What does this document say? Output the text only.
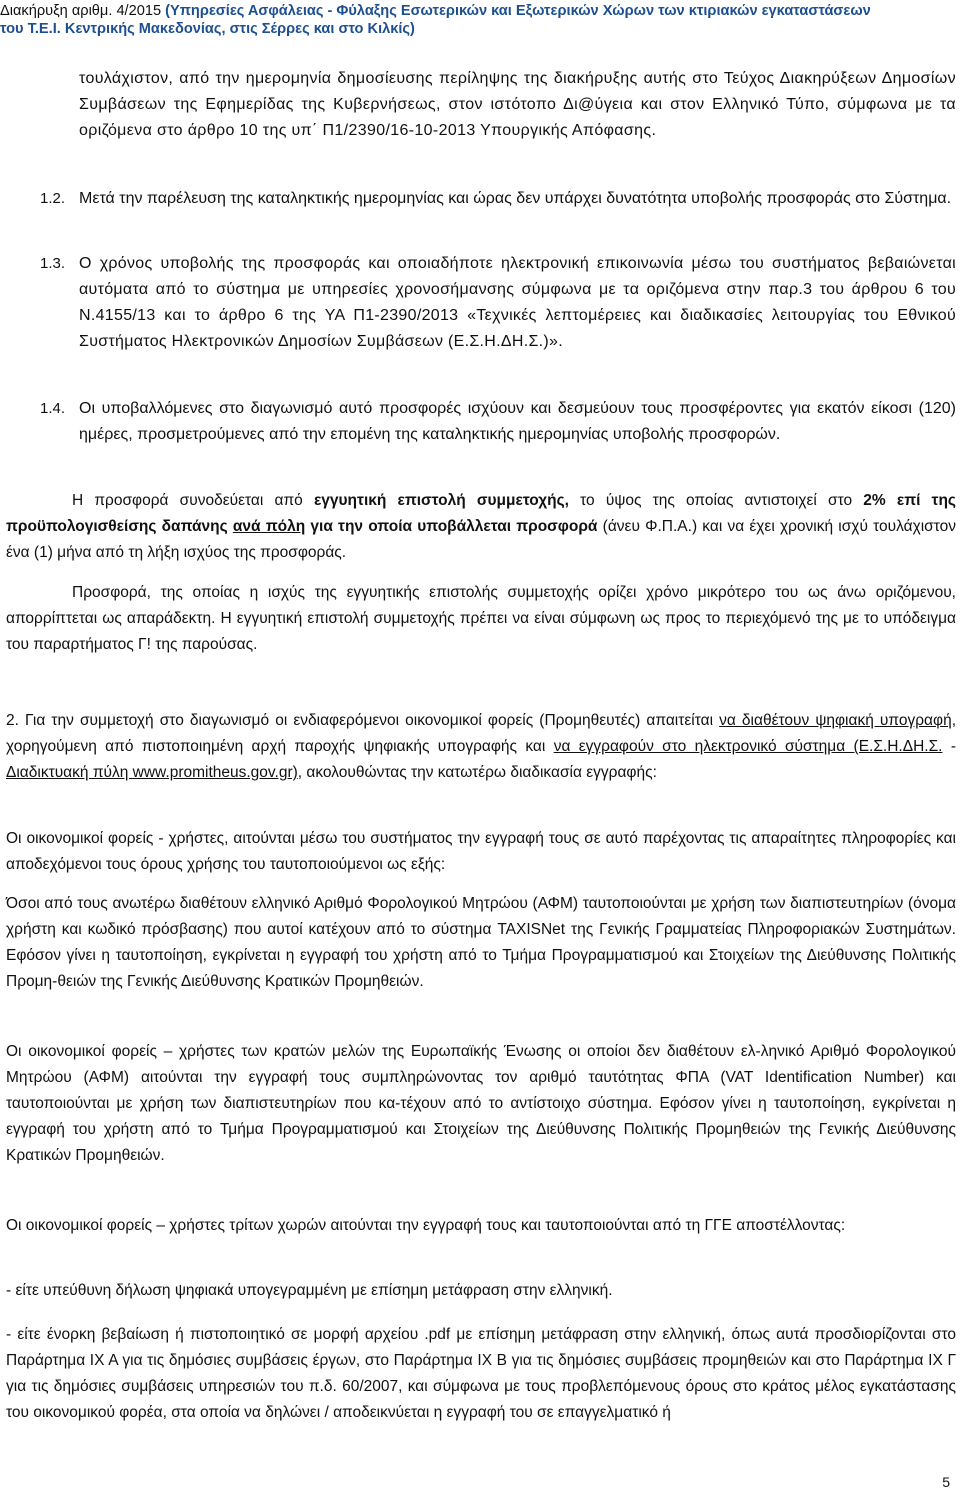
Διακήρυξη αριθμ. 4/2015 (Υπηρεσίες Ασφάλειας - Φύλαξης Εσωτερικών και Εξωτερικών Χώρων των κτιριακών εγκαταστάσεων
του Τ.Ε.Ι. Κεντρικής Μακεδονίας, στις Σέρρες και στο Κιλκίς)

τουλάχιστον, από την ημερομηνία δημοσίευσης περίληψης της διακήρυξης αυτής στο Τεύχος Διακηρύξεων Δημοσίων Συμβάσεων της Εφημερίδας της Κυβερνήσεως, στον ιστότοπο Δι@ύγεια και στον Ελληνικό Τύπο, σύμφωνα με τα οριζόμενα στο άρθρο 10 της υπ΄ Π1/2390/16-10-2013 Υπουργικής Απόφασης.

1.2. Μετά την παρέλευση της καταληκτικής ημερομηνίας και ώρας δεν υπάρχει δυνατότητα υποβολής προσφοράς στο Σύστημα.

1.3. Ο χρόνος υποβολής της προσφοράς και οποιαδήποτε ηλεκτρονική επικοινωνία μέσω του συστήματος βεβαιώνεται αυτόματα από το σύστημα με υπηρεσίες χρονοσήμανσης σύμφωνα με τα οριζόμενα στην παρ.3 του άρθρου 6 του Ν.4155/13 και το άρθρο 6 της ΥΑ Π1-2390/2013 «Τεχνικές λεπτομέρειες και διαδικασίες λειτουργίας του Εθνικού Συστήματος Ηλεκτρονικών Δημοσίων Συμβάσεων (Ε.Σ.Η.ΔΗ.Σ.)».

1.4. Οι υποβαλλόμενες στο διαγωνισμό αυτό προσφορές ισχύουν και δεσμεύουν τους προσφέροντες για εκατόν είκοσι (120) ημέρες, προσμετρούμενες από την επομένη της καταληκτικής ημερομηνίας υποβολής προσφορών.

Η προσφορά συνοδεύεται από εγγυητική επιστολή συμμετοχής, το ύψος της οποίας αντιστοιχεί στο 2% επί της προϋπολογισθείσης δαπάνης ανά πόλη για την οποία υποβάλλεται προσφορά (άνευ Φ.Π.Α.) και να έχει χρονική ισχύ τουλάχιστον ένα (1) μήνα από τη λήξη ισχύος της προσφοράς.

Προσφορά, της οποίας η ισχύς της εγγυητικής επιστολής συμμετοχής ορίζει χρόνο μικρότερο του ως άνω οριζόμενου, απορρίπτεται ως απαράδεκτη. Η εγγυητική επιστολή συμμετοχής πρέπει να είναι σύμφωνη ως προς το περιεχόμενό της με το υπόδειγμα του παραρτήματος Γ! της παρούσας.

2. Για την συμμετοχή στο διαγωνισμό οι ενδιαφερόμενοι οικονομικοί φορείς (Προμηθευτές) απαιτείται να διαθέτουν ψηφιακή υπογραφή, χορηγούμενη από πιστοποιημένη αρχή παροχής ψηφιακής υπογραφής και να εγγραφούν στο ηλεκτρονικό σύστημα (Ε.Σ.Η.ΔΗ.Σ. - Διαδικτυακή πύλη www.promitheus.gov.gr), ακολουθώντας την κατωτέρω διαδικασία εγγραφής:

Οι οικονομικοί φορείς - χρήστες, αιτούνται μέσω του συστήματος την εγγραφή τους σε αυτό παρέχοντας τις απαραίτητες πληροφορίες και αποδεχόμενοι τους όρους χρήσης του ταυτοποιούμενοι ως εξής:

Όσοι από τους ανωτέρω διαθέτουν ελληνικό Αριθμό Φορολογικού Μητρώου (ΑΦΜ) ταυτοποιούνται με χρήση των διαπιστευτηρίων (όνομα χρήστη και κωδικό πρόσβασης) που αυτοί κατέχουν από το σύστημα TAXISNet της Γενικής Γραμματείας Πληροφοριακών Συστημάτων. Εφόσον γίνει η ταυτοποίηση, εγκρίνεται η εγγραφή του χρήστη από το Τμήμα Προγραμματισμού και Στοιχείων της Διεύθυνσης Πολιτικής Προμη-θειών της Γενικής Διεύθυνσης Κρατικών Προμηθειών.

Οι οικονομικοί φορείς – χρήστες των κρατών μελών της Ευρωπαϊκής Ένωσης οι οποίοι δεν διαθέτουν ελ-ληνικό Αριθμό Φορολογικού Μητρώου (ΑΦΜ) αιτούνται την εγγραφή τους συμπληρώνοντας τον αριθμό ταυτότητας ΦΠΑ (VAT Identification Number) και ταυτοποιούνται με χρήση των διαπιστευτηρίων που κα-τέχουν από το αντίστοιχο σύστημα. Εφόσον γίνει η ταυτοποίηση, εγκρίνεται η εγγραφή του χρήστη από το Τμήμα Προγραμματισμού και Στοιχείων της Διεύθυνσης Πολιτικής Προμηθειών της Γενικής Διεύθυνσης Κρατικών Προμηθειών.

Οι οικονομικοί φορείς – χρήστες τρίτων χωρών αιτούνται την εγγραφή τους και ταυτοποιούνται από τη ΓΓΕ αποστέλλοντας:

- είτε υπεύθυνη δήλωση ψηφιακά υπογεγραμμένη με επίσημη μετάφραση στην ελληνική.

- είτε ένορκη βεβαίωση ή πιστοποιητικό σε μορφή αρχείου .pdf με επίσημη μετάφραση στην ελληνική, όπως αυτά προσδιορίζονται στο Παράρτημα ΙΧ Α για τις δημόσιες συμβάσεις έργων, στο Παράρτημα ΙΧ Β για τις δημόσιες συμβάσεις προμηθειών και στο Παράρτημα ΙΧ Γ για τις δημόσιες συμβάσεις υπηρεσιών του π.δ. 60/2007, και σύμφωνα με τους προβλεπόμενους όρους στο κράτος μέλος εγκατάστασης του οικονομικού φορέα, στα οποία να δηλώνει / αποδεικνύεται η εγγραφή του σε επαγγελματικό ή

5
